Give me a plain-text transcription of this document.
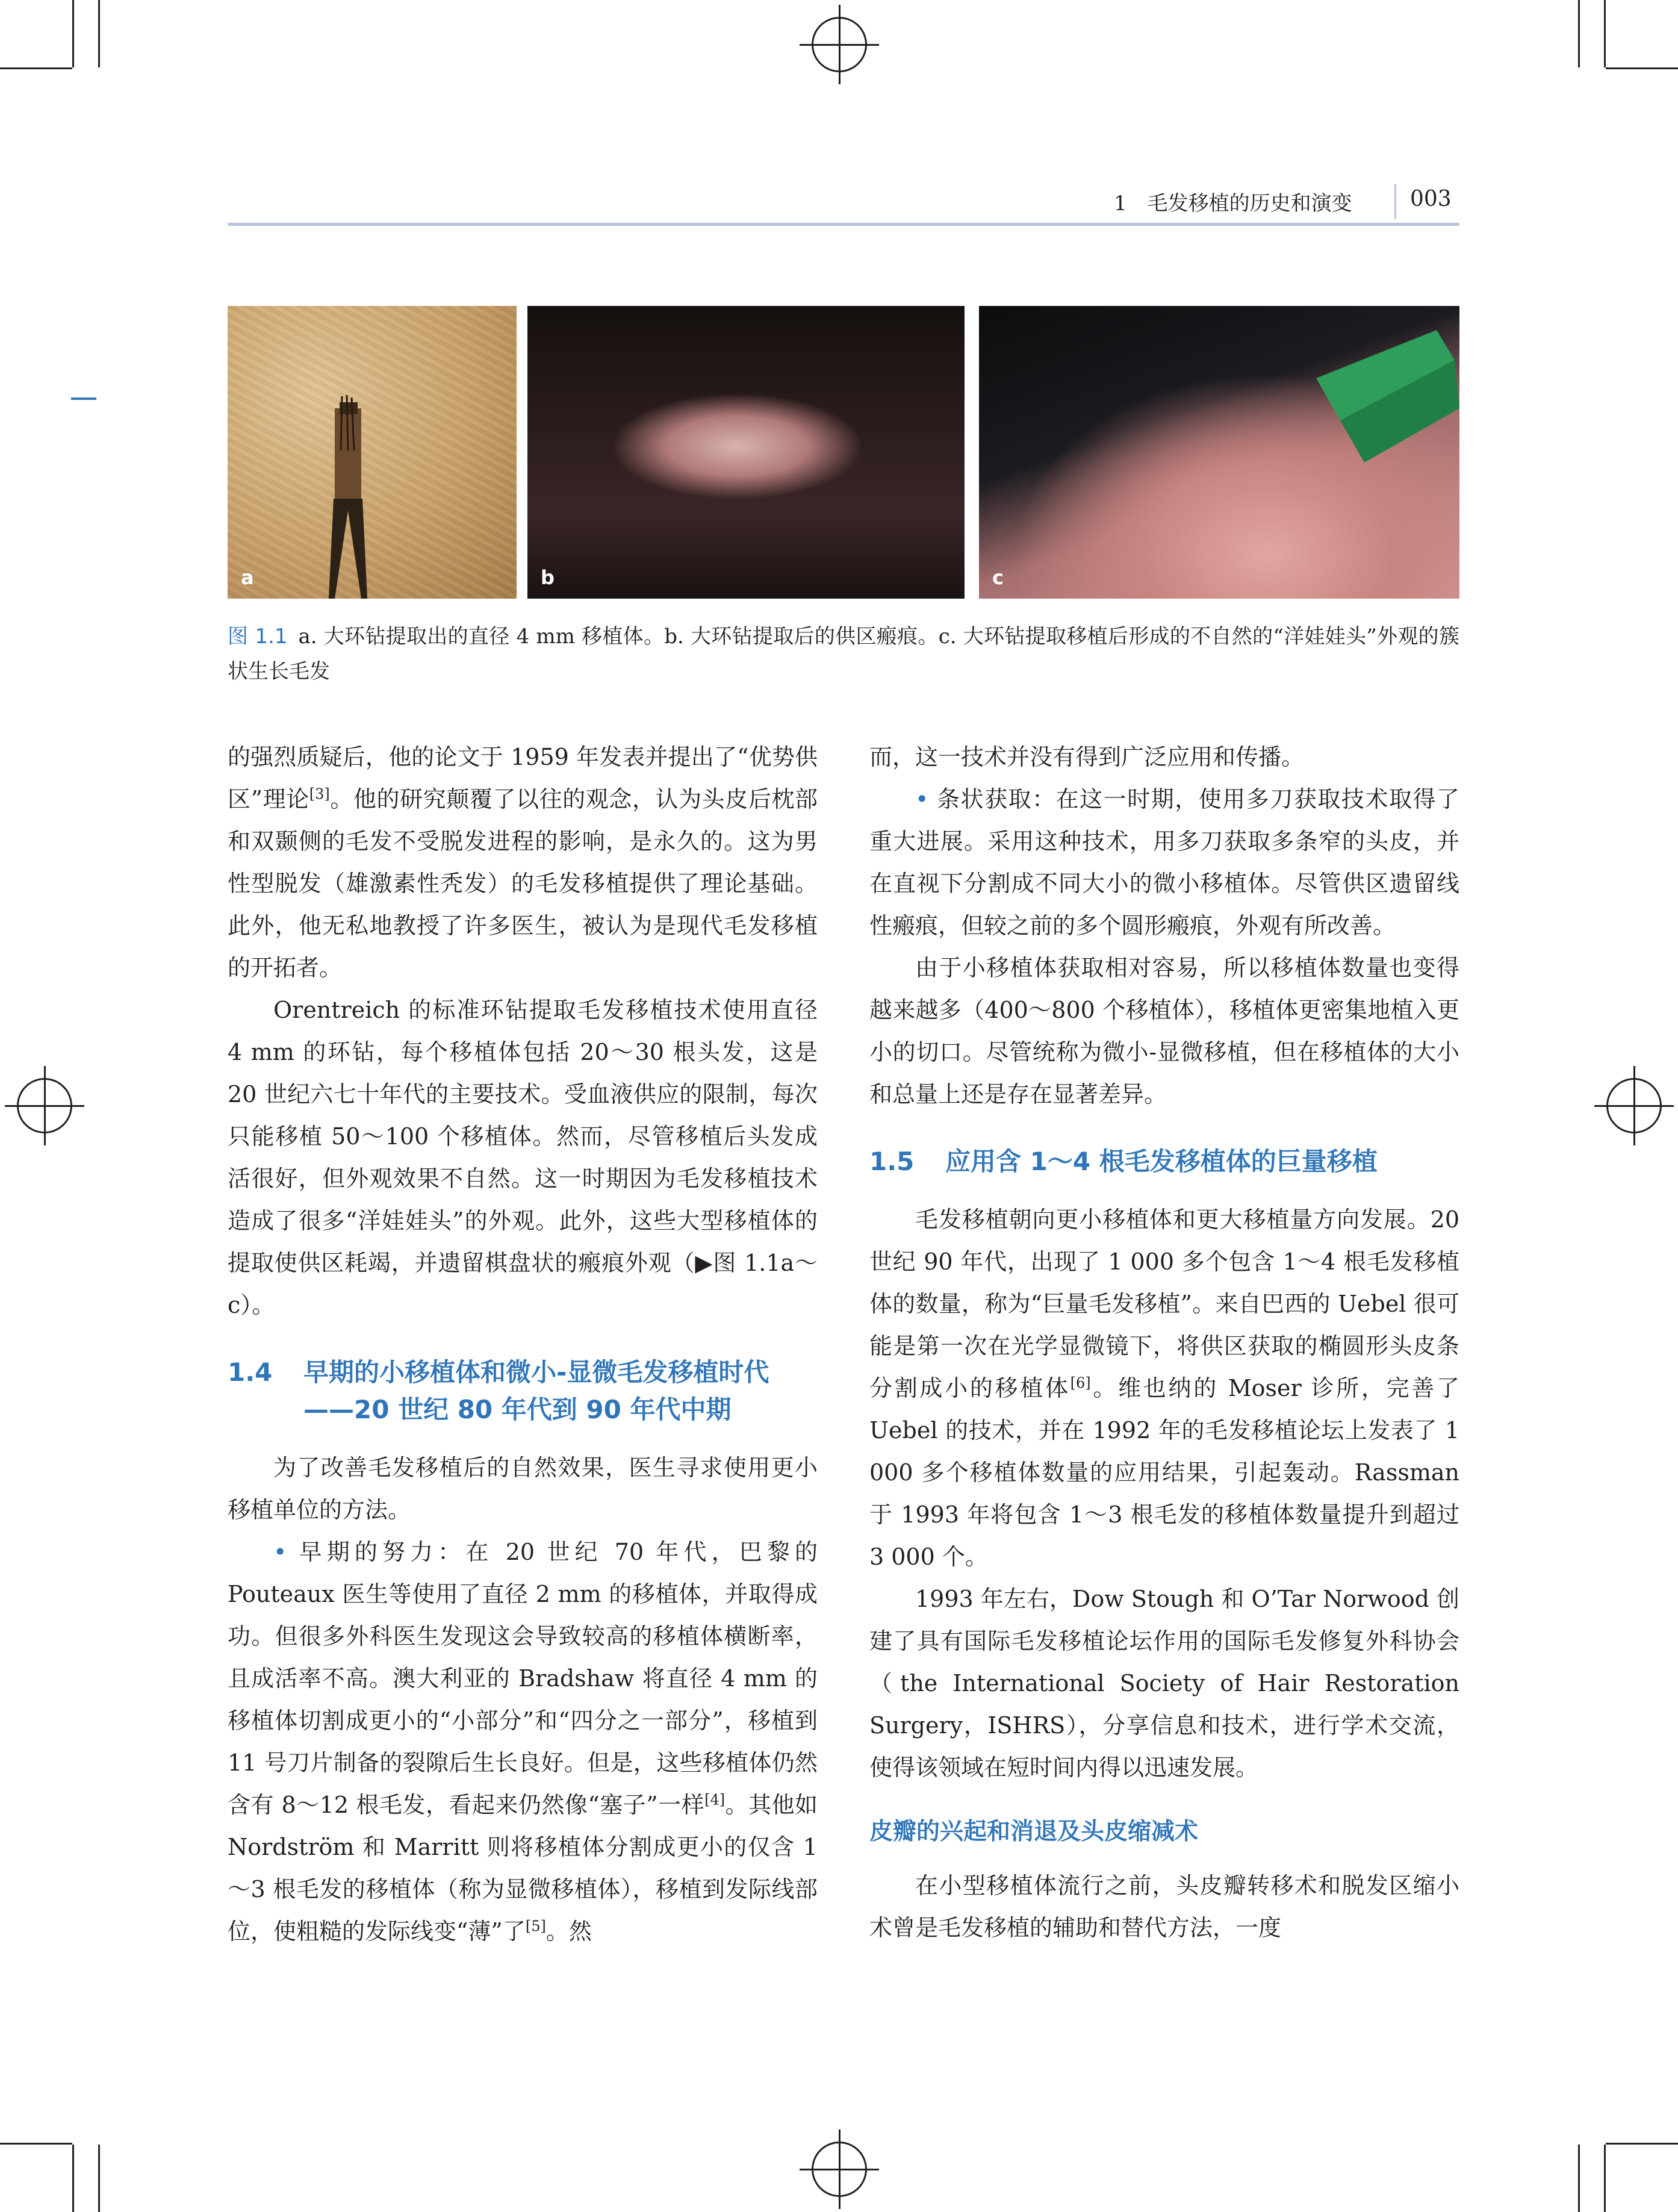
1　毛发移植的历史和演变	003
a	b	c
图 1.1 a. 大环钻提取出的直径 4 mm 移植体。b. 大环钻提取后的供区瘢痕。c. 大环钻提取移植后形成的不自然的“洋娃娃头”外观的簇状生长毛发

的强烈质疑后，他的论文于 1959 年发表并提出了“优势供区”理论[3]。他的研究颠覆了以往的观念，认为头皮后枕部和双颞侧的毛发不受脱发进程的影响，是永久的。这为男性型脱发（雄激素性秃发）的毛发移植提供了理论基础。此外，他无私地教授了许多医生，被认为是现代毛发移植的开拓者。

Orentreich 的标准环钻提取毛发移植技术使用直径 4 mm 的环钻，每个移植体包括 20～30 根头发，这是 20 世纪六七十年代的主要技术。受血液供应的限制，每次只能移植 50～100 个移植体。然而，尽管移植后头发成活很好，但外观效果不自然。这一时期因为毛发移植技术造成了很多“洋娃娃头”的外观。此外，这些大型移植体的提取使供区耗竭，并遗留棋盘状的瘢痕外观（▶图 1.1a～c）。

1.4	早期的小移植体和微小-显微毛发移植时代——20 世纪 80 年代到 90 年代中期

为了改善毛发移植后的自然效果，医生寻求使用更小移植单位的方法。

• 早期的努力：在 20 世纪 70 年代，巴黎的 Pouteaux 医生等使用了直径 2 mm 的移植体，并取得成功。但很多外科医生发现这会导致较高的移植体横断率，且成活率不高。澳大利亚的 Bradshaw 将直径 4 mm 的移植体切割成更小的“小部分”和“四分之一部分”，移植到 11 号刀片制备的裂隙后生长良好。但是，这些移植体仍然含有 8～12 根毛发，看起来仍然像“塞子”一样[4]。其他如 Nordström 和 Marritt 则将移植体分割成更小的仅含 1～3 根毛发的移植体（称为显微移植体），移植到发际线部位，使粗糙的发际线变“薄”了[5]。然

而，这一技术并没有得到广泛应用和传播。

• 条状获取：在这一时期，使用多刀获取技术取得了重大进展。采用这种技术，用多刀获取多条窄的头皮，并在直视下分割成不同大小的微小移植体。尽管供区遗留线性瘢痕，但较之前的多个圆形瘢痕，外观有所改善。

由于小移植体获取相对容易，所以移植体数量也变得越来越多（400～800 个移植体），移植体更密集地植入更小的切口。尽管统称为微小-显微移植，但在移植体的大小和总量上还是存在显著差异。

1.5	应用含 1～4 根毛发移植体的巨量移植

毛发移植朝向更小移植体和更大移植量方向发展。20 世纪 90 年代，出现了 1 000 多个包含 1～4 根毛发移植体的数量，称为“巨量毛发移植”。来自巴西的 Uebel 很可能是第一次在光学显微镜下，将供区获取的椭圆形头皮条分割成小的移植体[6]。维也纳的 Moser 诊所，完善了 Uebel 的技术，并在 1992 年的毛发移植论坛上发表了 1 000 多个移植体数量的应用结果，引起轰动。Rassman 于 1993 年将包含 1～3 根毛发的移植体数量提升到超过 3 000 个。

1993 年左右，Dow Stough 和 O’Tar Norwood 创建了具有国际毛发移植论坛作用的国际毛发修复外科协会（the International Society of Hair Restoration Surgery，ISHRS），分享信息和技术，进行学术交流，使得该领域在短时间内得以迅速发展。

皮瓣的兴起和消退及头皮缩减术

在小型移植体流行之前，头皮瓣转移术和脱发区缩小术曾是毛发移植的辅助和替代方法，一度
